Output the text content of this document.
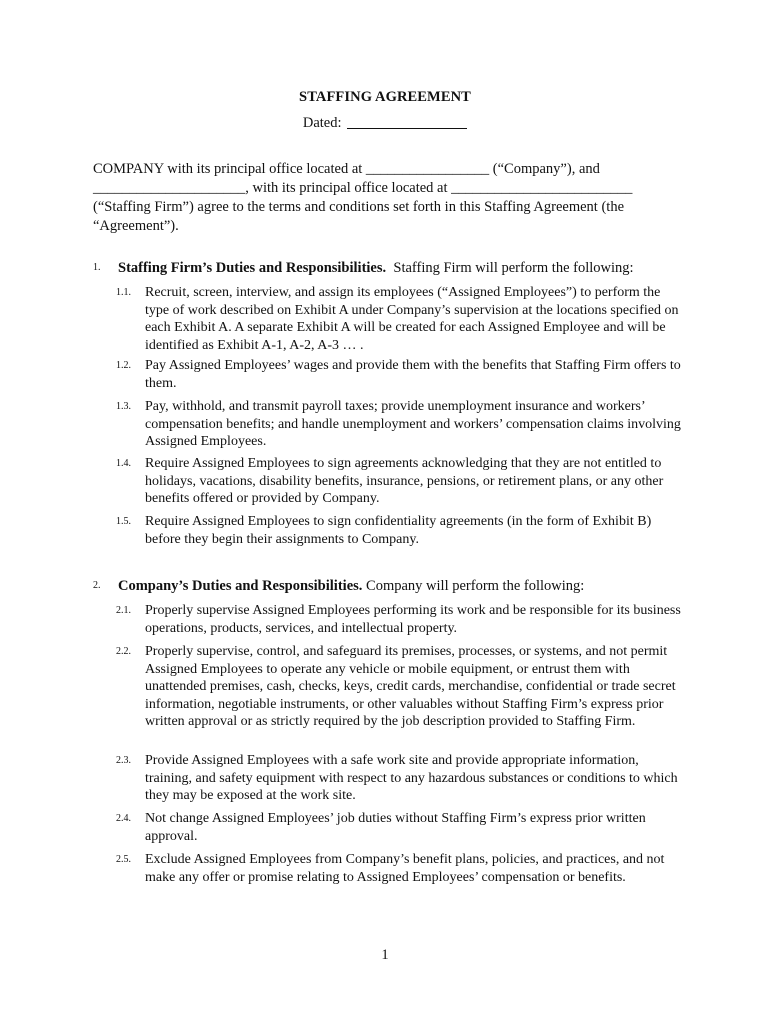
STAFFING AGREEMENT
Dated:
COMPANY with its principal office located at _________________ (“Company”), and _____________________, with its principal office located at _________________________ (“Staffing Firm”) agree to the terms and conditions set forth in this Staffing Agreement (the “Agreement”).
1. Staffing Firm’s Duties and Responsibilities. Staffing Firm will perform the following:
1.1. Recruit, screen, interview, and assign its employees (“Assigned Employees”) to perform the type of work described on Exhibit A under Company’s supervision at the locations specified on each Exhibit A. A separate Exhibit A will be created for each Assigned Employee and will be identified as Exhibit A-1, A-2, A-3 … .
1.2. Pay Assigned Employees’ wages and provide them with the benefits that Staffing Firm offers to them.
1.3. Pay, withhold, and transmit payroll taxes; provide unemployment insurance and workers’ compensation benefits; and handle unemployment and workers’ compensation claims involving Assigned Employees.
1.4. Require Assigned Employees to sign agreements acknowledging that they are not entitled to holidays, vacations, disability benefits, insurance, pensions, or retirement plans, or any other benefits offered or provided by Company.
1.5. Require Assigned Employees to sign confidentiality agreements (in the form of Exhibit B) before they begin their assignments to Company.
2. Company’s Duties and Responsibilities. Company will perform the following:
2.1. Properly supervise Assigned Employees performing its work and be responsible for its business operations, products, services, and intellectual property.
2.2. Properly supervise, control, and safeguard its premises, processes, or systems, and not permit Assigned Employees to operate any vehicle or mobile equipment, or entrust them with unattended premises, cash, checks, keys, credit cards, merchandise, confidential or trade secret information, negotiable instruments, or other valuables without Staffing Firm’s express prior written approval or as strictly required by the job description provided to Staffing Firm.
2.3. Provide Assigned Employees with a safe work site and provide appropriate information, training, and safety equipment with respect to any hazardous substances or conditions to which they may be exposed at the work site.
2.4. Not change Assigned Employees’ job duties without Staffing Firm’s express prior written approval.
2.5. Exclude Assigned Employees from Company’s benefit plans, policies, and practices, and not make any offer or promise relating to Assigned Employees’ compensation or benefits.
1
